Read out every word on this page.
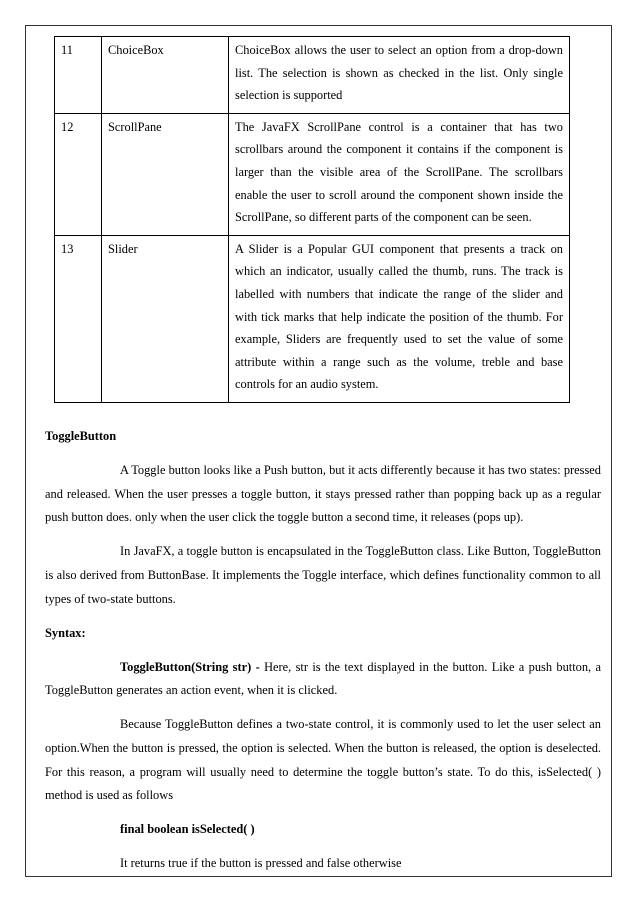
11	ChoiceBox	ChoiceBox allows the user to select an option from a drop-down list. The selection is shown as checked in the list. Only single selection is supported
12	ScrollPane	The JavaFX ScrollPane control is a container that has two scrollbars around the component it contains if the component is larger than the visible area of the ScrollPane. The scrollbars enable the user to scroll around the component shown inside the ScrollPane, so different parts of the component can be seen.
13	Slider	A Slider is a Popular GUI component that presents a track on which an indicator, usually called the thumb, runs. The track is labelled with numbers that indicate the range of the slider and with tick marks that help indicate the position of the thumb. For example, Sliders are frequently used to set the value of some attribute within a range such as the volume, treble and base controls for an audio system.

ToggleButton

A Toggle button looks like a Push button, but it acts differently because it has two states: pressed and released. When the user presses a toggle button, it stays pressed rather than popping back up as a regular push button does. only when the user click the toggle button a second time, it releases (pops up).

In JavaFX, a toggle button is encapsulated in the ToggleButton class. Like Button, ToggleButton is also derived from ButtonBase. It implements the Toggle interface, which defines functionality common to all types of two-state buttons.

Syntax:

ToggleButton(String str) - Here, str is the text displayed in the button. Like a push button, a ToggleButton generates an action event, when it is clicked.

Because ToggleButton defines a two-state control, it is commonly used to let the user select an option.When the button is pressed, the option is selected. When the button is released, the option is deselected. For this reason, a program will usually need to determine the toggle button’s state. To do this, isSelected( ) method is used as follows

final boolean isSelected( )

It returns true if the button is pressed and false otherwise
